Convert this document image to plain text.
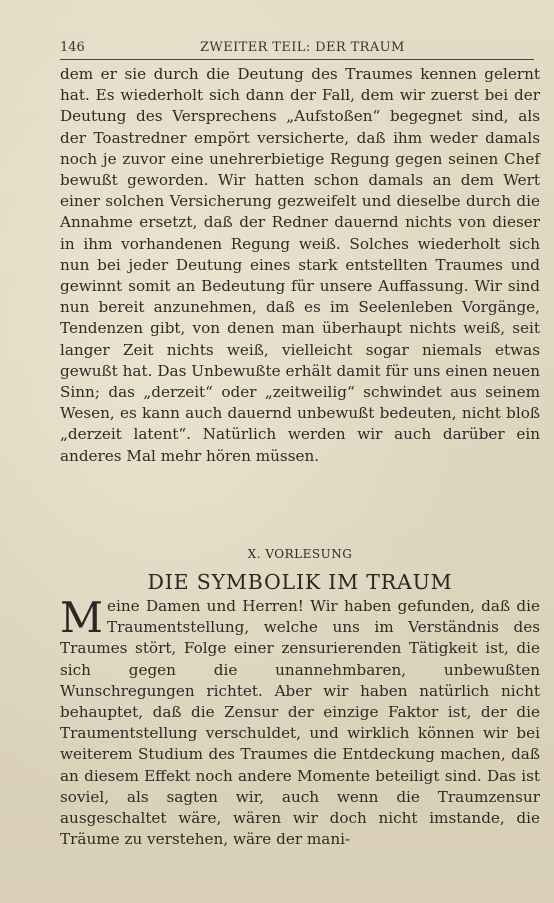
146	ZWEITER TEIL: DER TRAUM
dem er sie durch die Deutung des Traumes kennen gelernt hat. Es wiederholt sich dann der Fall, dem wir zuerst bei der Deutung des Versprechens „Aufstoßen“ begegnet sind, als der Toastredner empört versicherte, daß ihm weder damals noch je zuvor eine unehrerbietige Regung gegen seinen Chef bewußt geworden. Wir hatten schon damals an dem Wert einer solchen Versicherung gezweifelt und dieselbe durch die Annahme ersetzt, daß der Redner dauernd nichts von dieser in ihm vorhandenen Regung weiß. Solches wiederholt sich nun bei jeder Deutung eines stark entstellten Traumes und gewinnt somit an Bedeutung für unsere Auffassung. Wir sind nun bereit anzunehmen, daß es im Seelenleben Vorgänge, Tendenzen gibt, von denen man überhaupt nichts weiß, seit langer Zeit nichts weiß, vielleicht sogar niemals etwas gewußt hat. Das Unbewußte erhält damit für uns einen neuen Sinn; das „derzeit“ oder „zeitweilig“ schwindet aus seinem Wesen, es kann auch dauernd unbewußt bedeuten, nicht bloß „derzeit latent“. Natürlich werden wir auch darüber ein anderes Mal mehr hören müssen.
X. VORLESUNG
DIE SYMBOLIK IM TRAUM
Meine Damen und Herren! Wir haben gefunden, daß die Traumentstellung, welche uns im Verständnis des Traumes stört, Folge einer zensurierenden Tätigkeit ist, die sich gegen die unannehmbaren, unbewußten Wunschregungen richtet. Aber wir haben natürlich nicht behauptet, daß die Zensur der einzige Faktor ist, der die Traumentstellung verschuldet, und wirklich können wir bei weiterem Studium des Traumes die Entdeckung machen, daß an diesem Effekt noch andere Momente beteiligt sind. Das ist soviel, als sagten wir, auch wenn die Traumzensur ausgeschaltet wäre, wären wir doch nicht imstande, die Träume zu verstehen, wäre der mani-
